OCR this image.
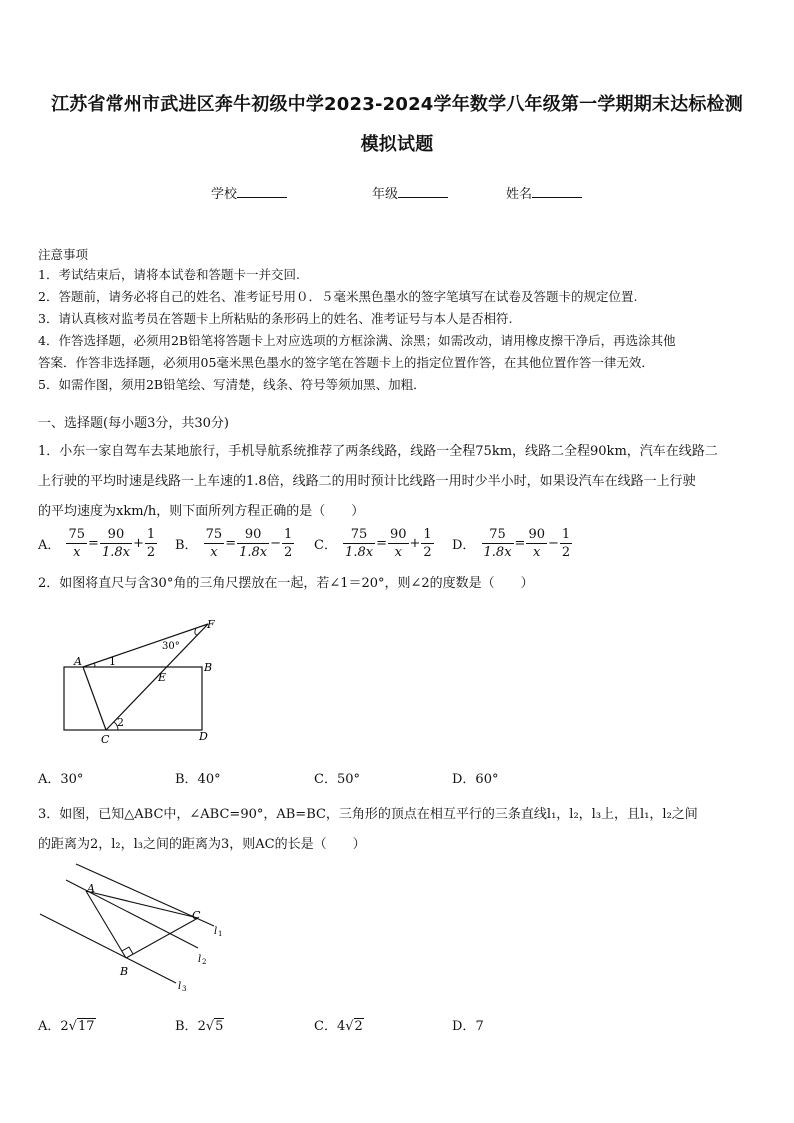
江苏省常州市武进区奔牛初级中学2023-2024学年数学八年级第一学期期末达标检测
模拟试题
学校	年级	姓名
注意事项
1．考试结束后，请将本试卷和答题卡一并交回.
2．答题前，请务必将自己的姓名、准考证号用０．５毫米黑色墨水的签字笔填写在试卷及答题卡的规定位置.
3．请认真核对监考员在答题卡上所粘贴的条形码上的姓名、准考证号与本人是否相符.
4．作答选择题，必须用2B铅笔将答题卡上对应选项的方框涂满、涂黑；如需改动，请用橡皮擦干净后，再选涂其他
答案．作答非选择题，必须用05毫米黑色墨水的签字笔在答题卡上的指定位置作答，在其他位置作答一律无效．
5．如需作图，须用2B铅笔绘、写清楚，线条、符号等须加黑、加粗．
一、选择题(每小题3分，共30分)
1．小东一家自驾车去某地旅行，手机导航系统推荐了两条线路，线路一全程75km，线路二全程90km，汽车在线路二
上行驶的平均时速是线路一上车速的1.8倍，线路二的用时预计比线路一用时少半小时，如果设汽车在线路一上行驶
的平均速度为xkm/h，则下面所列方程正确的是（　　）
A． $\frac{75}{x} = \frac{90}{1.8x} + \frac{1}{2}$ B． $\frac{75}{x} = \frac{90}{1.8x} - \frac{1}{2}$ C． $\frac{75}{1.8x} = \frac{90}{x} + \frac{1}{2}$ D． $\frac{75}{1.8x} = \frac{90}{x} - \frac{1}{2}$
2．如图将直尺与含30°角的三角尺摆放在一起，若∠1＝20°，则∠2的度数是（　　）
A 1	B
F
30°
E
2
C	D
A．30°	B．40°	C．50°	D．60°
3．如图，已知△ABC中，∠ABC=90°，AB=BC，三角形的顶点在相互平行的三条直线l₁，l₂，l₃上，且l₁，l₂之间
的距离为2，l₂，l₃之间的距离为3，则AC的长是（　　）
A
C
B
l 1
l 2
l 3
A．2√17	B．2√5	C．4√2	D．7
